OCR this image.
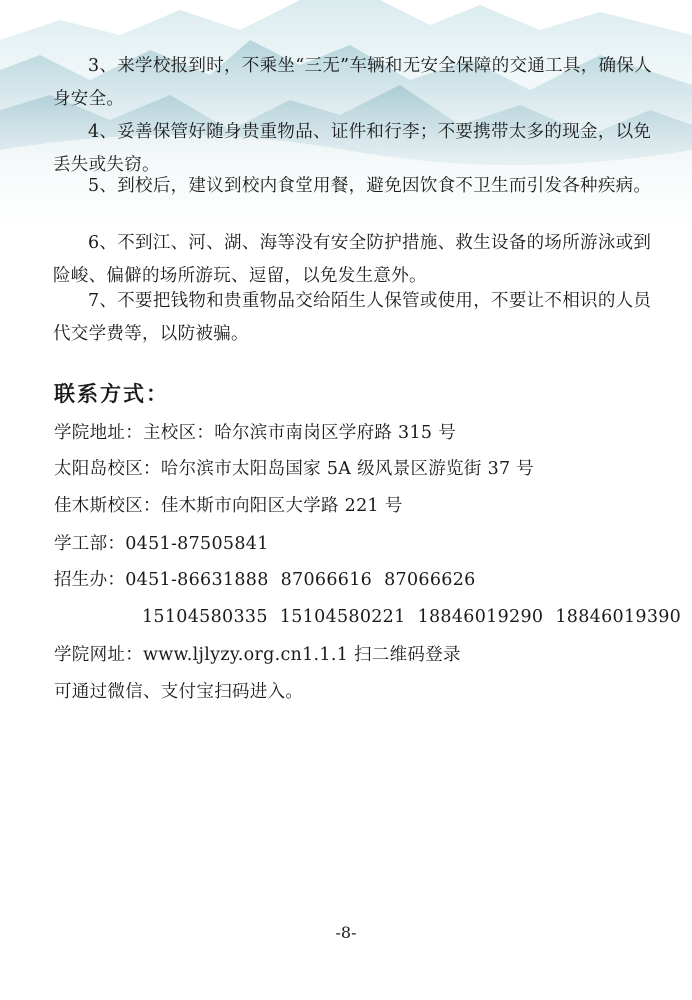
3、来学校报到时，不乘坐“三无”车辆和无安全保障的交通工具，确保人身安全。

4、妥善保管好随身贵重物品、证件和行李；不要携带太多的现金，以免丢失或失窃。

5、到校后，建议到校内食堂用餐，避免因饮食不卫生而引发各种疾病。

6、不到江、河、湖、海等没有安全防护措施、救生设备的场所游泳或到险峻、偏僻的场所游玩、逗留，以免发生意外。

7、不要把钱物和贵重物品交给陌生人保管或使用，不要让不相识的人员代交学费等，以防被骗。

联系方式：
学院地址：主校区：哈尔滨市南岗区学府路 315 号
太阳岛校区：哈尔滨市太阳岛国家 5A 级风景区游览街 37 号
佳木斯校区：佳木斯市向阳区大学路 221 号
学工部：0451-87505841
招生办：0451-86631888 87066616 87066626
15104580335 15104580221 18846019290 18846019390
学院网址：www.ljlyzy.org.cn1.1.1 扫二维码登录
可通过微信、支付宝扫码进入。
-8-
